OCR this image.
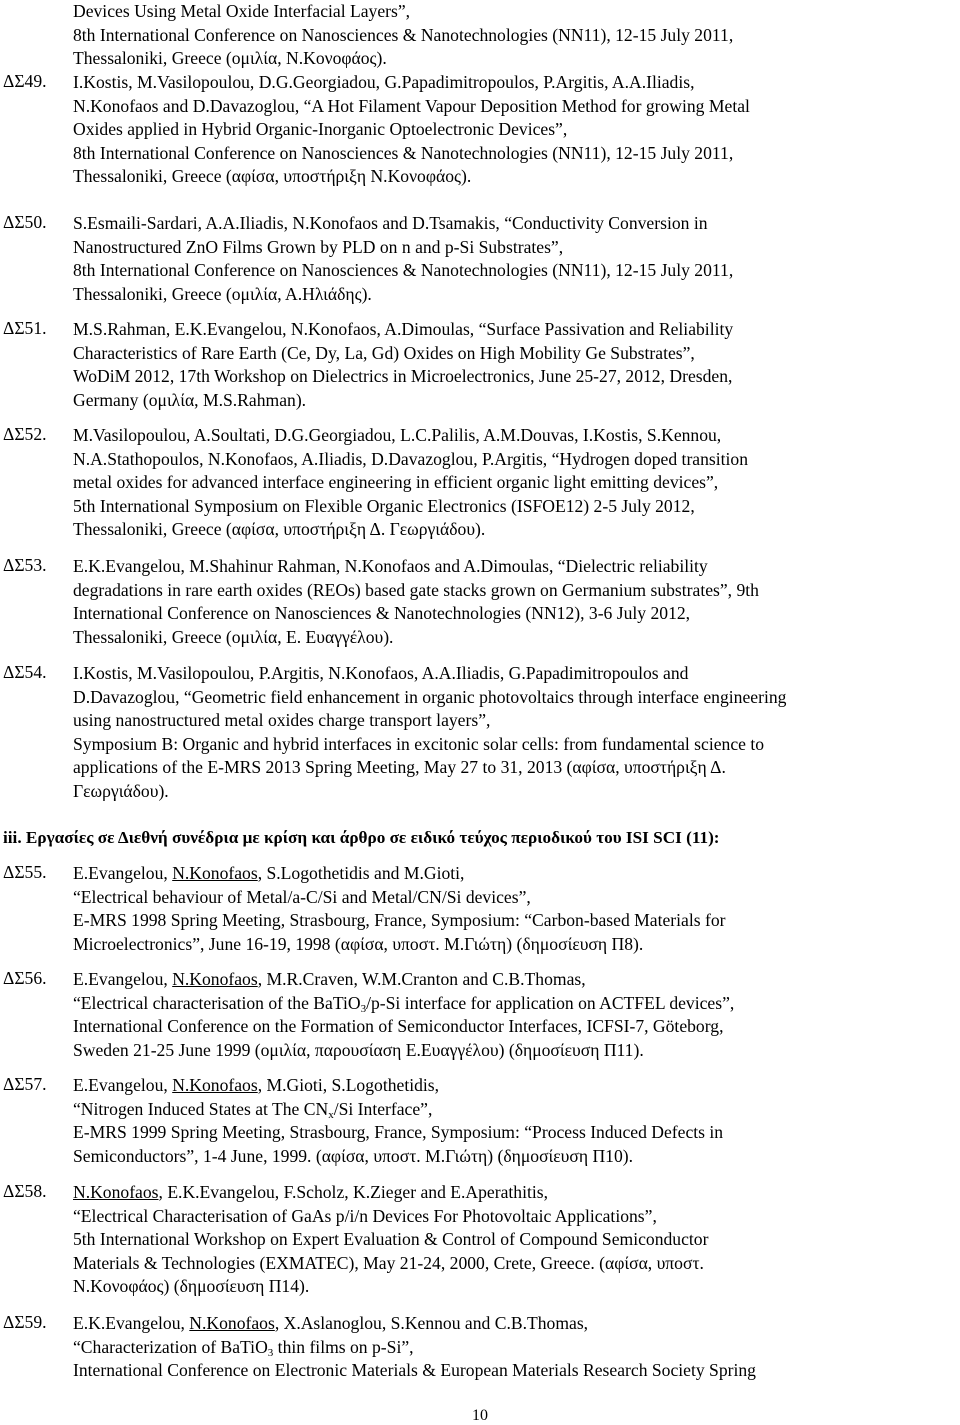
Devices Using Metal Oxide Interfacial Layers”,
8th International Conference on Nanosciences & Nanotechnologies (NN11), 12-15 July 2011,
Thessaloniki, Greece (ομιλία, Ν.Κονοφάος).
ΔΣ49. I.Kostis, M.Vasilopoulou, D.G.Georgiadou, G.Papadimitropoulos, P.Argitis, A.A.Iliadis,
N.Konofaos and D.Davazoglou, “A Hot Filament Vapour Deposition Method for growing Metal
Oxides applied in Hybrid Organic-Inorganic Optoelectronic Devices”,
8th International Conference on Nanosciences & Nanotechnologies (NN11), 12-15 July 2011,
Thessaloniki, Greece (αφίσα, υποστήριξη Ν.Κονοφάος).
ΔΣ50. S.Esmaili-Sardari, A.A.Iliadis, N.Konofaos and D.Tsamakis, “Conductivity Conversion in
Nanostructured ZnO Films Grown by PLD on n and p-Si Substrates”,
8th International Conference on Nanosciences & Nanotechnologies (NN11), 12-15 July 2011,
Thessaloniki, Greece (ομιλία, Α.Ηλιάδης).
ΔΣ51. M.S.Rahman, E.K.Evangelou, N.Konofaos, A.Dimoulas, “Surface Passivation and Reliability
Characteristics of Rare Earth (Ce, Dy, La, Gd) Oxides on High Mobility Ge Substrates”,
WoDiM 2012, 17th Workshop on Dielectrics in Microelectronics, June 25-27, 2012, Dresden,
Germany (ομιλία, M.S.Rahman).
ΔΣ52. M.Vasilopoulou, A.Soultati, D.G.Georgiadou, L.C.Palilis, A.M.Douvas, I.Kostis, S.Kennou,
N.A.Stathopoulos, N.Konofaos, A.Iliadis, D.Davazoglou, P.Argitis, “Hydrogen doped transition
metal oxides for advanced interface engineering in efficient organic light emitting devices”,
5th International Symposium on Flexible Organic Electronics (ISFOE12) 2-5 July 2012,
Thessaloniki, Greece (αφίσα, υποστήριξη Δ. Γεωργιάδου).
ΔΣ53. E.K.Evangelou, M.Shahinur Rahman, N.Konofaos and A.Dimoulas, “Dielectric reliability
degradations in rare earth oxides (REOs) based gate stacks grown on Germanium substrates”, 9th
International Conference on Nanosciences & Nanotechnologies (NN12), 3-6 July 2012,
Thessaloniki, Greece (ομιλία, Ε. Ευαγγέλου).
ΔΣ54. I.Kostis, M.Vasilopoulou, P.Argitis, N.Konofaos, A.A.Iliadis, G.Papadimitropoulos and
D.Davazoglou, “Geometric field enhancement in organic photovoltaics through interface engineering
using nanostructured metal oxides charge transport layers”,
Symposium B: Organic and hybrid interfaces in excitonic solar cells: from fundamental science to
applications of the E-MRS 2013 Spring Meeting, May 27 to 31, 2013 (αφίσα, υποστήριξη Δ.
Γεωργιάδου).
iii. Εργασίες σε Διεθνή συνέδρια με κρίση και άρθρο σε ειδικό τεύχος περιοδικού του ISI SCI (11):
ΔΣ55. E.Evangelou, N.Konofaos, S.Logothetidis and M.Gioti,
“Electrical behaviour of Metal/a-C/Si and Metal/CN/Si devices”,
E-MRS 1998 Spring Meeting, Strasbourg, France, Symposium: “Carbon-based Materials for
Microelectronics”, June 16-19, 1998 (αφίσα, υποστ. Μ.Γιώτη) (δημοσίευση Π8).
ΔΣ56. E.Evangelou, N.Konofaos, M.R.Craven, W.M.Cranton and C.B.Thomas,
“Electrical characterisation of the BaTiO$_3$/p-Si interface for application on ACTFEL devices”,
International Conference on the Formation of Semiconductor Interfaces, ICFSI-7, Göteborg,
Sweden 21-25 June 1999 (ομιλία, παρουσίαση Ε.Ευαγγέλου) (δημοσίευση Π11).
ΔΣ57. E.Evangelou, N.Konofaos, M.Gioti, S.Logothetidis,
“Nitrogen Induced States at The $CN_x/Si$ Interface”,
E-MRS 1999 Spring Meeting, Strasbourg, France, Symposium: “Process Induced Defects in
Semiconductors”, 1-4 June, 1999. (αφίσα, υποστ. Μ.Γιώτη) (δημοσίευση Π10).
ΔΣ58. N.Konofaos, E.K.Evangelou, F.Scholz, K.Zieger and E.Aperathitis,
“Electrical Characterisation of GaAs p/i/n Devices For Photovoltaic Applications”,
5th International Workshop on Expert Evaluation & Control of Compound Semiconductor
Materials & Technologies (EXMATEC), May 21-24, 2000, Crete, Greece. (αφίσα, υποστ.
Ν.Κονοφάος) (δημοσίευση Π14).
ΔΣ59. E.K.Evangelou, N.Konofaos, X.Aslanoglou, S.Kennou and C.B.Thomas,
“Characterization of BaTiO$_3$ thin films on p-Si”,
International Conference on Electronic Materials & European Materials Research Society Spring
10
